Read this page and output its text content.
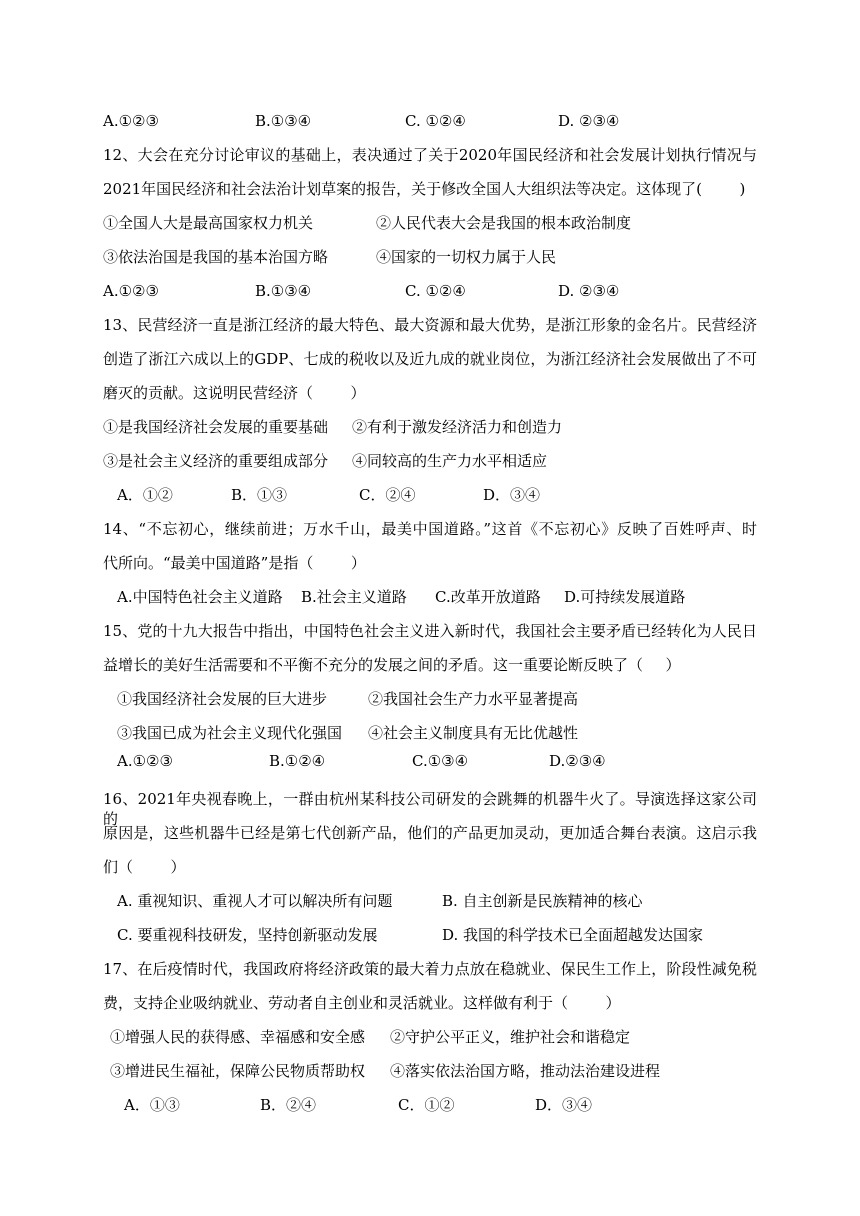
A.①②③	B.①③④	C. ①②④	D. ②③④
12、大会在充分讨论审议的基础上，表决通过了关于2020年国民经济和社会发展计划执行情况与
2021年国民经济和社会法治计划草案的报告，关于修改全国人大组织法等决定。这体现了(   )
①全国人大是最高国家权力机关	②人民代表大会是我国的根本政治制度
③依法治国是我国的基本治国方略	④国家的一切权力属于人民
A.①②③	B.①③④	C. ①②④	D. ②③④
13、民营经济一直是浙江经济的最大特色、最大资源和最大优势，是浙江形象的金名片。民营经济
创造了浙江六成以上的GDP、七成的税收以及近九成的就业岗位，为浙江经济社会发展做出了不可
磨灭的贡献。这说明民营经济（   ）
①是我国经济社会发展的重要基础 ②有利于激发经济活力和创造力
③是社会主义经济的重要组成部分 ④同较高的生产力水平相适应
A．①②	B．①③	C．②④	D．③④
14、“不忘初心，继续前进；万水千山，最美中国道路。”这首《不忘初心》反映了百姓呼声、时
代所向。“最美中国道路”是指（   ）
A.中国特色社会主义道路 B.社会主义道路 C.改革开放道路 D.可持续发展道路
15、党的十九大报告中指出，中国特色社会主义进入新时代，我国社会主要矛盾已经转化为人民日
益增长的美好生活需要和不平衡不充分的发展之间的矛盾。这一重要论断反映了（  ）
①我国经济社会发展的巨大进步	②我国社会生产力水平显著提高
③我国已成为社会主义现代化强国 ④社会主义制度具有无比优越性
A.①②③	B.①②④	C.①③④	D.②③④
16、2021年央视春晚上，一群由杭州某科技公司研发的会跳舞的机器牛火了。导演选择这家公司的
原因是，这些机器牛已经是第七代创新产品，他们的产品更加灵动，更加适合舞台表演。这启示我
们（   ）
A. 重视知识、重视人才可以解决所有问题	B. 自主创新是民族精神的核心
C. 要重视科技研发，坚持创新驱动发展	D. 我国的科学技术已全面超越发达国家
17、在后疫情时代，我国政府将经济政策的最大着力点放在稳就业、保民生工作上，阶段性减免税
费，支持企业吸纳就业、劳动者自主创业和灵活就业。这样做有利于（   ）
①增强人民的获得感、幸福感和安全感 ②守护公平正义，维护社会和谐稳定
③增进民生福祉，保障公民物质帮助权 ④落实依法治国方略，推动法治建设进程
A．①③	B．②④	C．①②	D．③④
